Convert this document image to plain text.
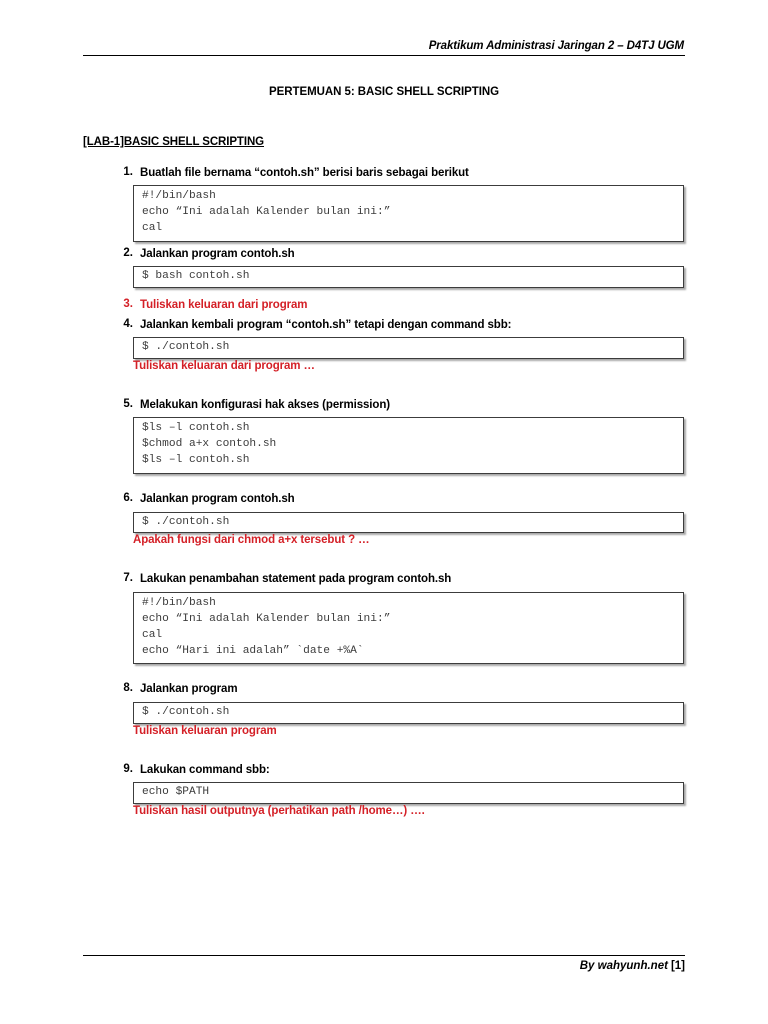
Praktikum Administrasi Jaringan 2 – D4TJ UGM
PERTEMUAN 5: BASIC SHELL SCRIPTING
[LAB-1]BASIC SHELL SCRIPTING
1. Buatlah file bernama “contoh.sh” berisi baris sebagai berikut
#!/bin/bash
echo “Ini adalah Kalender bulan ini:”
cal
2. Jalankan program contoh.sh
$ bash contoh.sh
3. Tuliskan keluaran dari program
4. Jalankan kembali program “contoh.sh” tetapi dengan command sbb:
$ ./contoh.sh
Tuliskan keluaran dari program …
5. Melakukan konfigurasi hak akses (permission)
$ls –l contoh.sh
$chmod a+x contoh.sh
$ls –l contoh.sh
6. Jalankan program contoh.sh
$ ./contoh.sh
Apakah fungsi dari chmod a+x tersebut ? …
7. Lakukan penambahan statement pada program contoh.sh
#!/bin/bash
echo “Ini adalah Kalender bulan ini:”
cal
echo “Hari ini adalah” `date +%A`
8. Jalankan program
$ ./contoh.sh
Tuliskan keluaran program
9. Lakukan command sbb:
echo $PATH
Tuliskan hasil outputnya (perhatikan path /home…) ….
By wahyunh.net [1]
